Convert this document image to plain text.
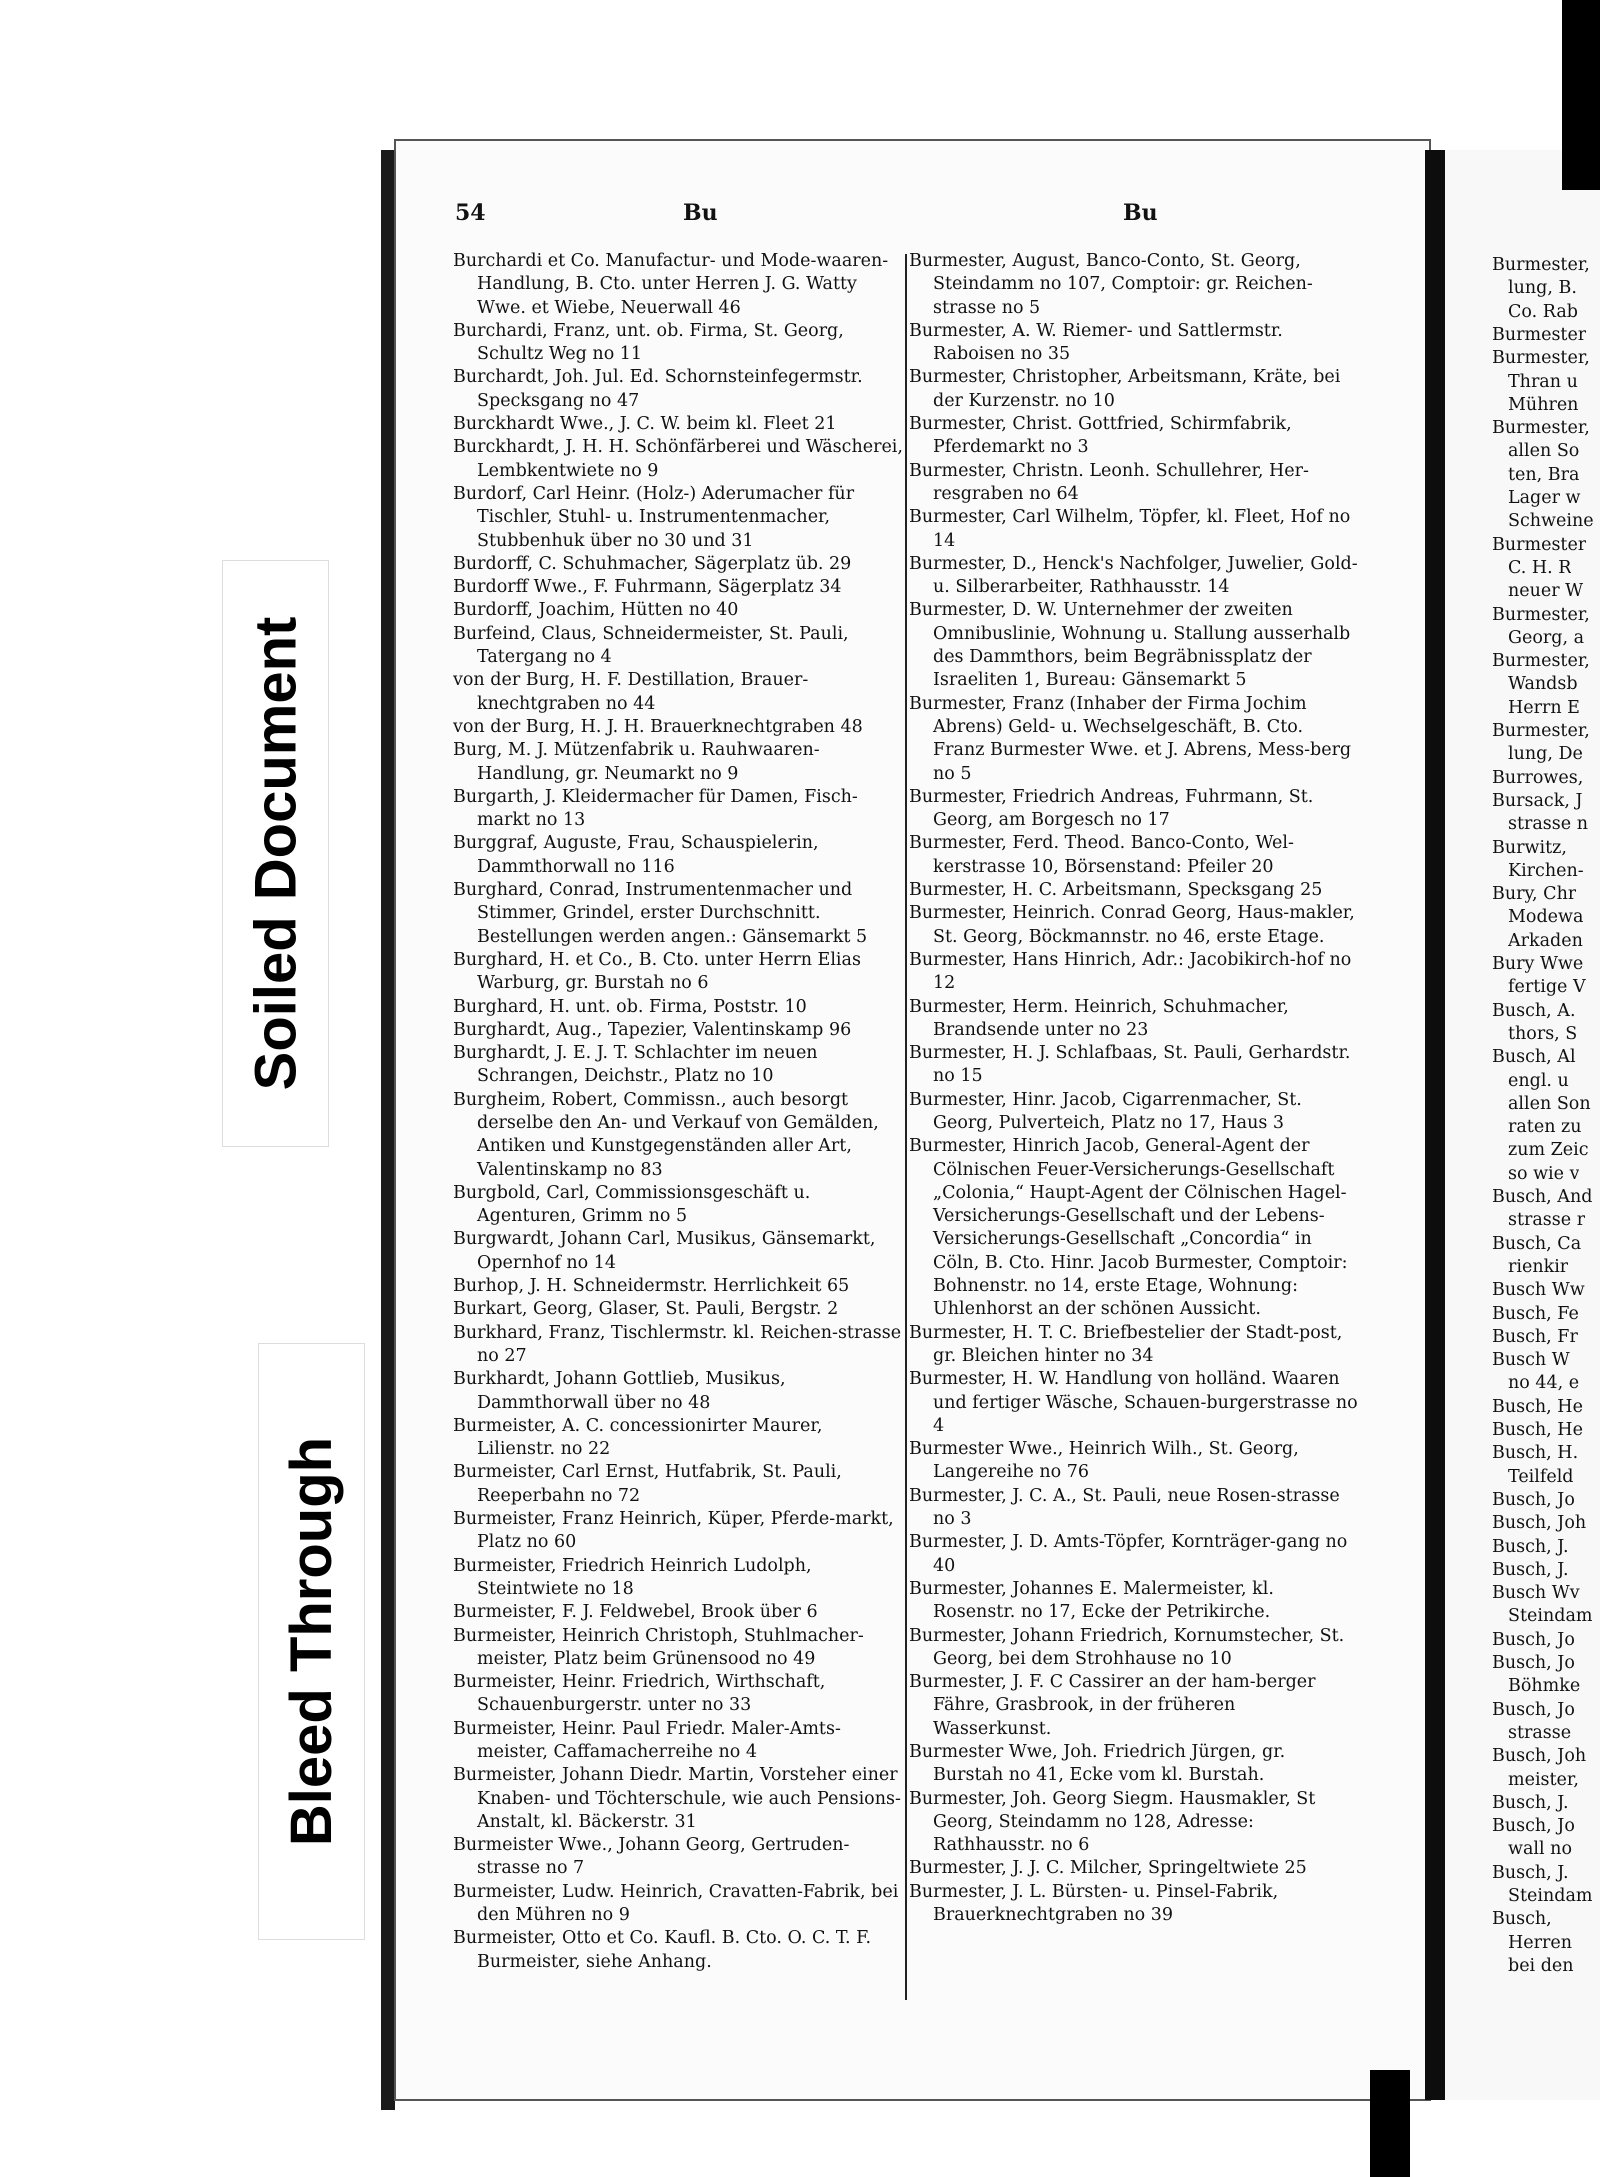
Soiled Document
Bleed Through
54	Bu	Bu
Burchardi et Co. Manufactur- und Mode-waaren-Handlung, B. Cto. unter Herren J. G. Watty Wwe. et Wiebe, Neuerwall 46
Burchardi, Franz, unt. ob. Firma, St. Georg, Schultz Weg no 11
Burchardt, Joh. Jul. Ed. Schornsteinfegermstr. Specksgang no 47
Burckhardt Wwe., J. C. W. beim kl. Fleet 21
Burckhardt, J. H. H. Schönfärberei und Wäscherei, Lembkentwiete no 9
Burdorf, Carl Heinr. (Holz-) Aderumacher für Tischler, Stuhl- u. Instrumentenmacher, Stubbenhuk über no 30 und 31
Burdorff, C. Schuhmacher, Sägerplatz üb. 29
Burdorff Wwe., F. Fuhrmann, Sägerplatz 34
Burdorff, Joachim, Hütten no 40
Burfeind, Claus, Schneidermeister, St. Pauli, Tatergang no 4
von der Burg, H. F. Destillation, Brauer-knechtgraben no 44
von der Burg, H. J. H. Brauerknechtgraben 48
Burg, M. J. Mützenfabrik u. Rauhwaaren-Handlung, gr. Neumarkt no 9
Burgarth, J. Kleidermacher für Damen, Fisch-markt no 13
Burggraf, Auguste, Frau, Schauspielerin, Dammthorwall no 116
Burghard, Conrad, Instrumentenmacher und Stimmer, Grindel, erster Durchschnitt. Bestellungen werden angen.: Gänsemarkt 5
Burghard, H. et Co., B. Cto. unter Herrn Elias Warburg, gr. Burstah no 6
Burghard, H. unt. ob. Firma, Poststr. 10
Burghardt, Aug., Tapezier, Valentinskamp 96
Burghardt, J. E. J. T. Schlachter im neuen Schrangen, Deichstr., Platz no 10
Burgheim, Robert, Commissn., auch besorgt derselbe den An- und Verkauf von Gemälden, Antiken und Kunstgegenständen aller Art, Valentinskamp no 83
Burgbold, Carl, Commissionsgeschäft u. Agenturen, Grimm no 5
Burgwardt, Johann Carl, Musikus, Gänsemarkt, Opernhof no 14
Burhop, J. H. Schneidermstr. Herrlichkeit 65
Burkart, Georg, Glaser, St. Pauli, Bergstr. 2
Burkhard, Franz, Tischlermstr. kl. Reichen-strasse no 27
Burkhardt, Johann Gottlieb, Musikus, Dammthorwall über no 48
Burmeister, A. C. concessionirter Maurer, Lilienstr. no 22
Burmeister, Carl Ernst, Hutfabrik, St. Pauli, Reeperbahn no 72
Burmeister, Franz Heinrich, Küper, Pferde-markt, Platz no 60
Burmeister, Friedrich Heinrich Ludolph, Steintwiete no 18
Burmeister, F. J. Feldwebel, Brook über 6
Burmeister, Heinrich Christoph, Stuhlmacher-meister, Platz beim Grünensood no 49
Burmeister, Heinr. Friedrich, Wirthschaft, Schauenburgerstr. unter no 33
Burmeister, Heinr. Paul Friedr. Maler-Amts-meister, Caffamacherreihe no 4
Burmeister, Johann Diedr. Martin, Vorsteher einer Knaben- und Töchterschule, wie auch Pensions-Anstalt, kl. Bäckerstr. 31
Burmeister Wwe., Johann Georg, Gertruden-strasse no 7
Burmeister, Ludw. Heinrich, Cravatten-Fabrik, bei den Mühren no 9
Burmeister, Otto et Co. Kaufl. B. Cto. O. C. T. F. Burmeister, siehe Anhang.
Burmester, August, Banco-Conto, St. Georg, Steindamm no 107, Comptoir: gr. Reichen-strasse no 5
Burmester, A. W. Riemer- und Sattlermstr. Raboisen no 35
Burmester, Christopher, Arbeitsmann, Kräte, bei der Kurzenstr. no 10
Burmester, Christ. Gottfried, Schirmfabrik, Pferdemarkt no 3
Burmester, Christn. Leonh. Schullehrer, Her-resgraben no 64
Burmester, Carl Wilhelm, Töpfer, kl. Fleet, Hof no 14
Burmester, D., Henck's Nachfolger, Juwelier, Gold- u. Silberarbeiter, Rathhausstr. 14
Burmester, D. W. Unternehmer der zweiten Omnibuslinie, Wohnung u. Stallung ausserhalb des Dammthors, beim Begräbnissplatz der Israeliten 1, Bureau: Gänsemarkt 5
Burmester, Franz (Inhaber der Firma Jochim Abrens) Geld- u. Wechselgeschäft, B. Cto. Franz Burmester Wwe. et J. Abrens, Mess-berg no 5
Burmester, Friedrich Andreas, Fuhrmann, St. Georg, am Borgesch no 17
Burmester, Ferd. Theod. Banco-Conto, Wel-kerstrasse 10, Börsenstand: Pfeiler 20
Burmester, H. C. Arbeitsmann, Specksgang 25
Burmester, Heinrich. Conrad Georg, Haus-makler, St. Georg, Böckmannstr. no 46, erste Etage.
Burmester, Hans Hinrich, Adr.: Jacobikirch-hof no 12
Burmester, Herm. Heinrich, Schuhmacher, Brandsende unter no 23
Burmester, H. J. Schlafbaas, St. Pauli, Gerhardstr. no 15
Burmester, Hinr. Jacob, Cigarrenmacher, St. Georg, Pulverteich, Platz no 17, Haus 3
Burmester, Hinrich Jacob, General-Agent der Cölnischen Feuer-Versicherungs-Gesellschaft „Colonia,“ Haupt-Agent der Cölnischen Hagel-Versicherungs-Gesellschaft und der Lebens-Versicherungs-Gesellschaft „Concordia“ in Cöln, B. Cto. Hinr. Jacob Burmester, Comptoir: Bohnenstr. no 14, erste Etage, Wohnung: Uhlenhorst an der schönen Aussicht.
Burmester, H. T. C. Briefbestelier der Stadt-post, gr. Bleichen hinter no 34
Burmester, H. W. Handlung von holländ. Waaren und fertiger Wäsche, Schauen-burgerstrasse no 4
Burmester Wwe., Heinrich Wilh., St. Georg, Langereihe no 76
Burmester, J. C. A., St. Pauli, neue Rosen-strasse no 3
Burmester, J. D. Amts-Töpfer, Kornträger-gang no 40
Burmester, Johannes E. Malermeister, kl. Rosenstr. no 17, Ecke der Petrikirche.
Burmester, Johann Friedrich, Kornumstecher, St. Georg, bei dem Strohhause no 10
Burmester, J. F. C Cassirer an der ham-berger Fähre, Grasbrook, in der früheren Wasserkunst.
Burmester Wwe, Joh. Friedrich Jürgen, gr. Burstah no 41, Ecke vom kl. Burstah.
Burmester, Joh. Georg Siegm. Hausmakler, St Georg, Steindamm no 128, Adresse: Rathhausstr. no 6
Burmester, J. J. C. Milcher, Springeltwiete 25
Burmester, J. L. Bürsten- u. Pinsel-Fabrik, Brauerknechtgraben no 39
Burmester,
lung, B.
Co. Rab
Burmester
Burmester,
Thran u
Mühren
Burmester,
allen So
ten, Bra
Lager w
Schweine
Burmester
C. H. R
neuer W
Burmester,
Georg, a
Burmester,
Wandsb
Herrn E
Burmester,
lung, De
Burrowes,
Bursack, J
strasse n
Burwitz,
Kirchen-
Bury, Chr
Modewa
Arkaden
Bury Wwe
fertige V
Busch, A.
thors, S
Busch, Al
engl. u
allen Son
raten zu
zum Zeic
so wie v
Busch, And
strasse r
Busch, Ca
rienkir
Busch Ww
Busch, Fe
Busch, Fr
Busch W
no 44, e
Busch, He
Busch, He
Busch, H.
Teilfeld
Busch, Jo
Busch, Joh
Busch, J.
Busch, J.
Busch Wv
Steindam
Busch, Jo
Busch, Jo
Böhmke
Busch, Jo
strasse
Busch, Joh
meister,
Busch, J.
Busch, Jo
wall no
Busch, J.
Steindam
Busch,
Herren
bei den
